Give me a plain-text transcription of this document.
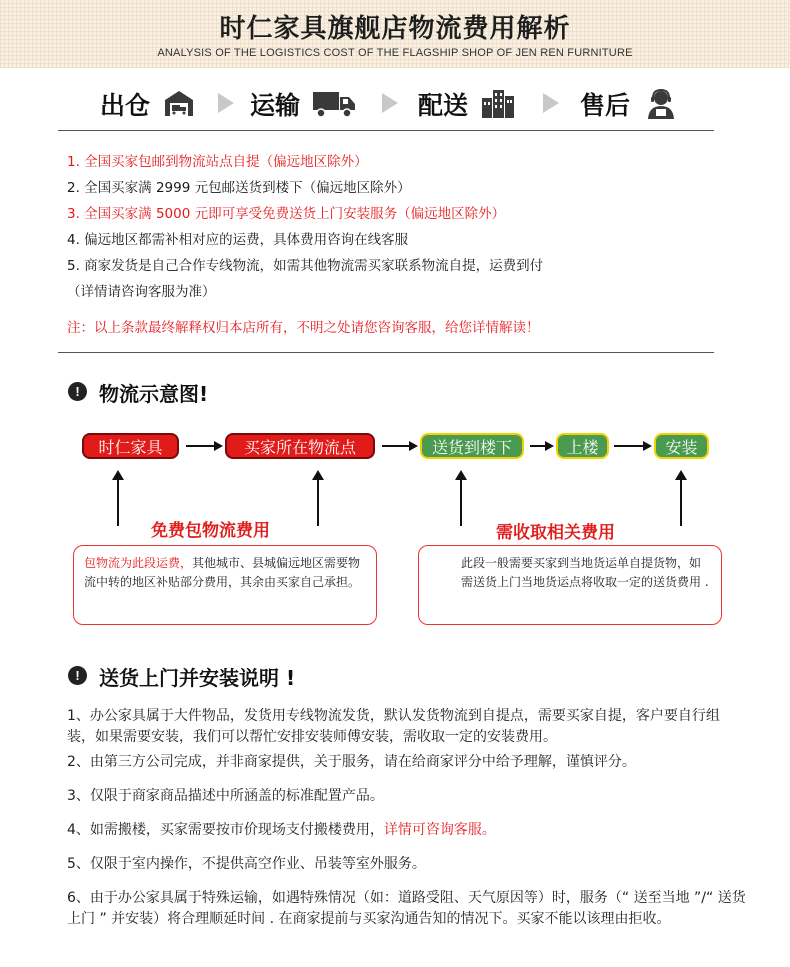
时仁家具旗舰店物流费用解析
ANALYSIS OF THE LOGISTICS COST OF THE FLAGSHIP SHOP OF JEN REN FURNITURE
出仓	运输	配送	售后
1. 全国买家包邮到物流站点自提（偏远地区除外）
2. 全国买家满 2999 元包邮送货到楼下（偏远地区除外）
3. 全国买家满 5000 元即可享受免费送货上门安装服务（偏远地区除外）
4. 偏远地区都需补相对应的运费，具体费用咨询在线客服
5. 商家发货是自己合作专线物流，如需其他物流需买家联系物流自提，运费到付
（详情请咨询客服为准）
注：以上条款最终解释权归本店所有，不明之处请您咨询客服，给您详情解读！
! 物流示意图!
时仁家具	买家所在物流点	送货到楼下	上楼	安装
免费包物流费用	需收取相关费用
包物流为此段运费，其他城市、县城偏远地区需要物流中转的地区补贴部分费用，其余由买家自己承担。
此段一般需要买家到当地货运单自提货物，如需送货上门当地货运点将收取一定的送货费用 .
! 送货上门并安装说明 !
1、办公家具属于大件物品，发货用专线物流发货，默认发货物流到自提点，需要买家自提，客户要自行组装，如果需要安装，我们可以帮忙安排安装师傅安装，需收取一定的安装费用。
2、由第三方公司完成，并非商家提供，关于服务，请在给商家评分中给予理解，谨慎评分。
3、仅限于商家商品描述中所涵盖的标准配置产品。
4、如需搬楼，买家需要按市价现场支付搬楼费用，详情可咨询客服。
5、仅限于室内操作，不提供高空作业、吊装等室外服务。
6、由于办公家具属于特殊运输，如遇特殊情况（如：道路受阻、天气原因等）时，服务（“ 送至当地 ”/“ 送货上门 ” 并安装）将合理顺延时间 . 在商家提前与买家沟通告知的情况下。买家不能以该理由拒收。
